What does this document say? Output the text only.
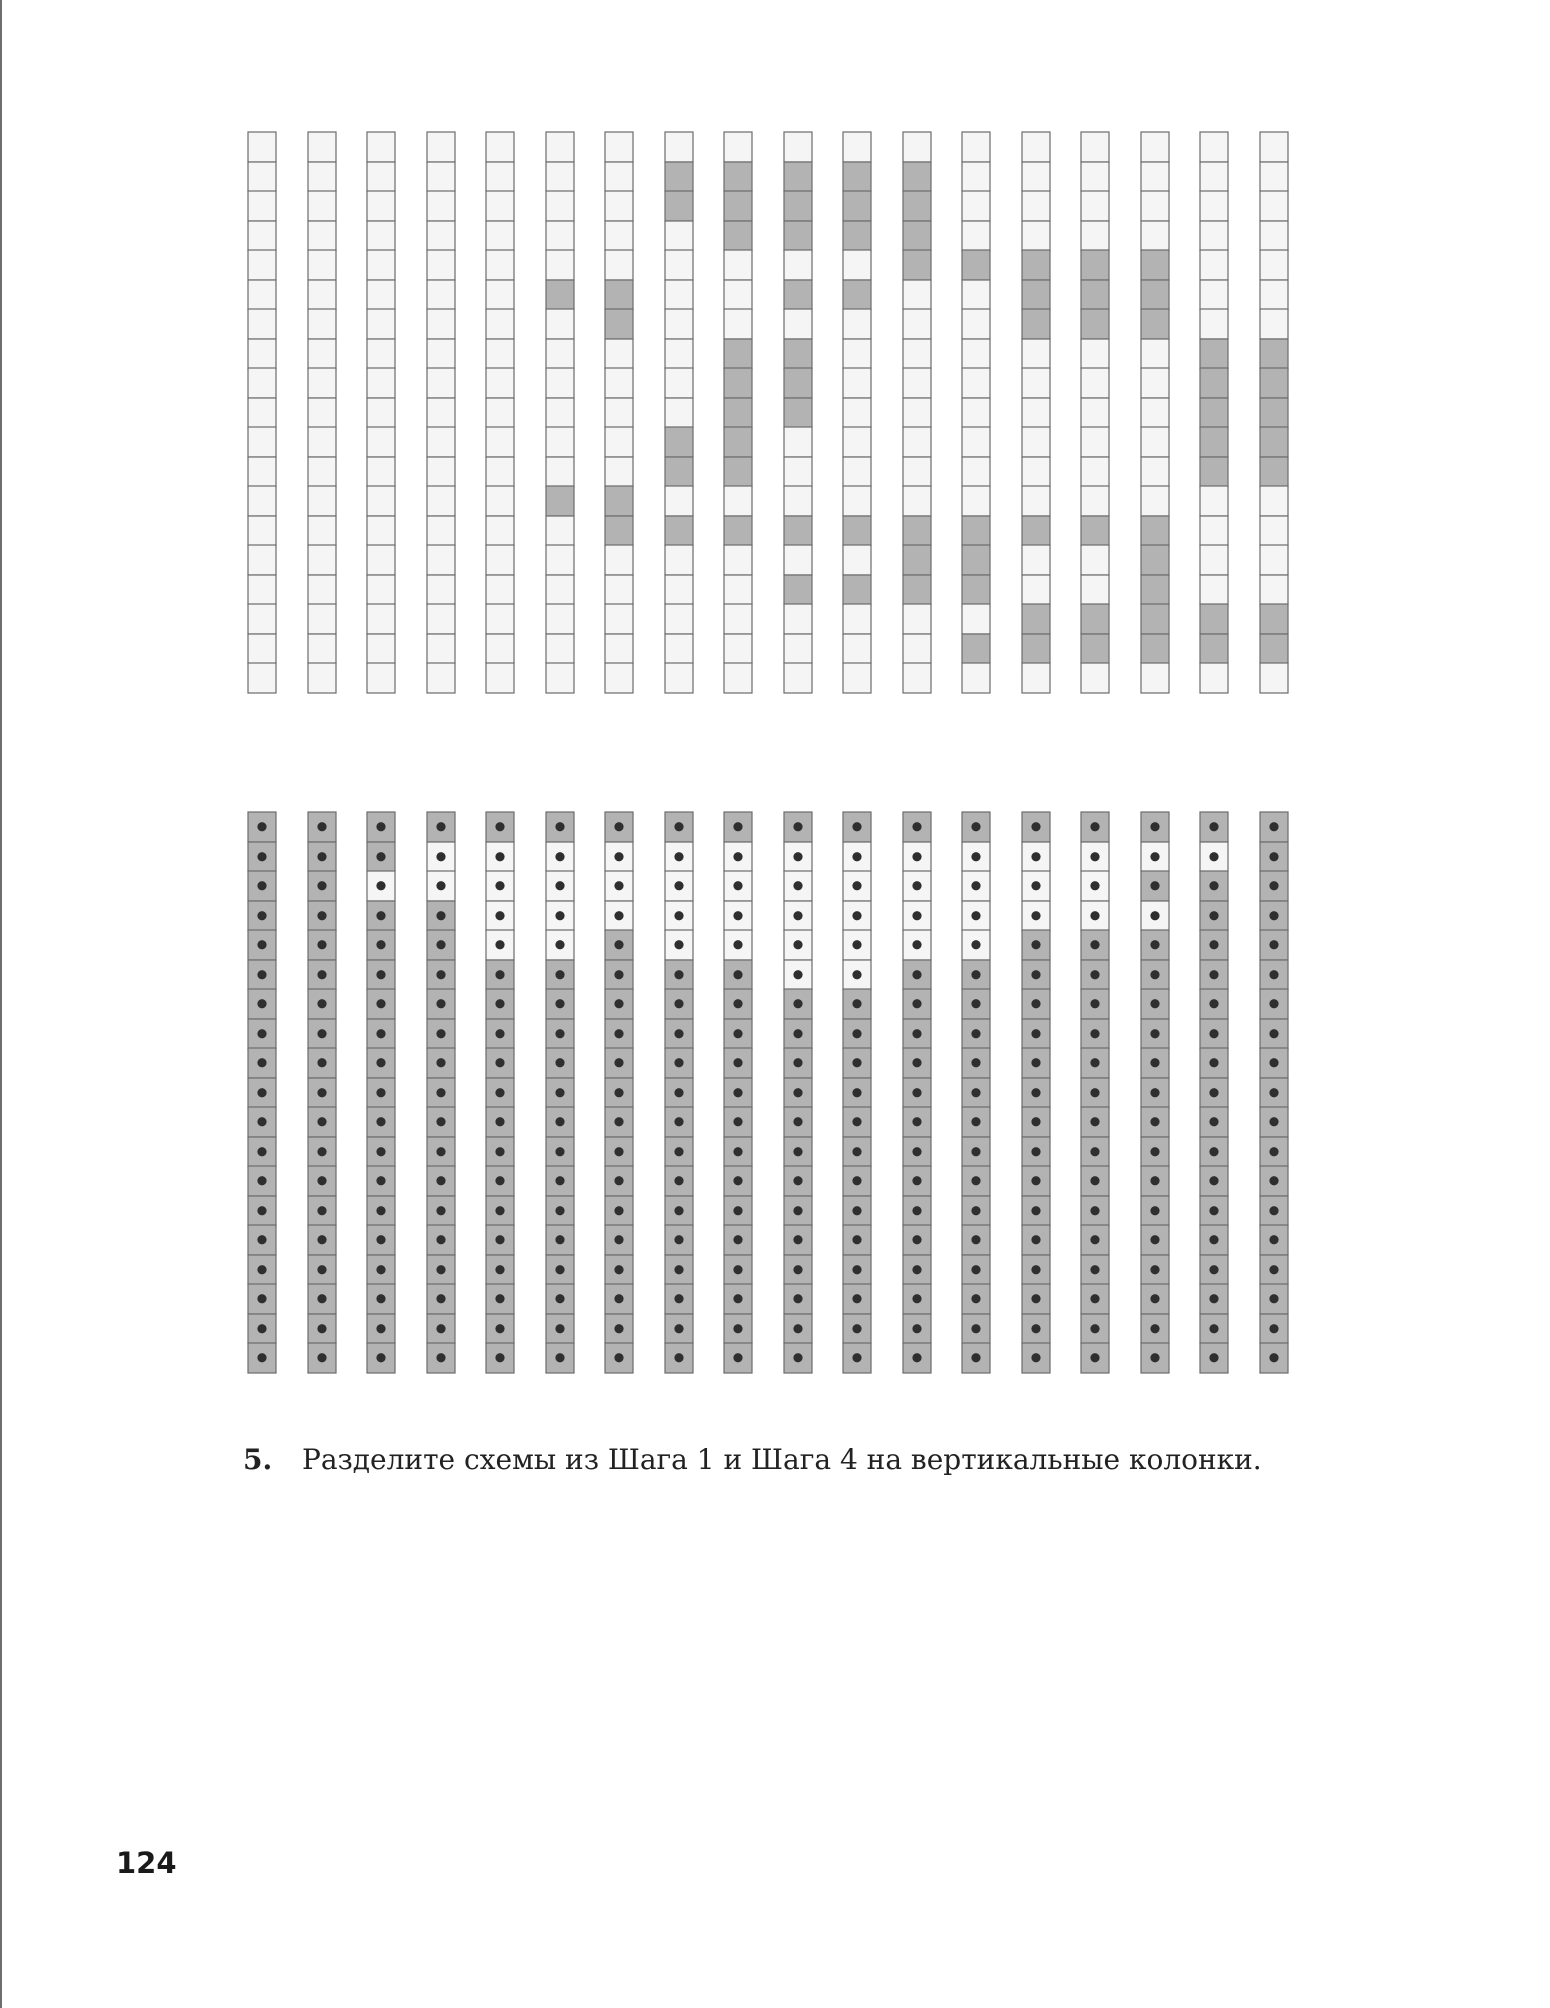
5. Разделите схемы из Шага 1 и Шага 4 на вертикальные колонки.
124
